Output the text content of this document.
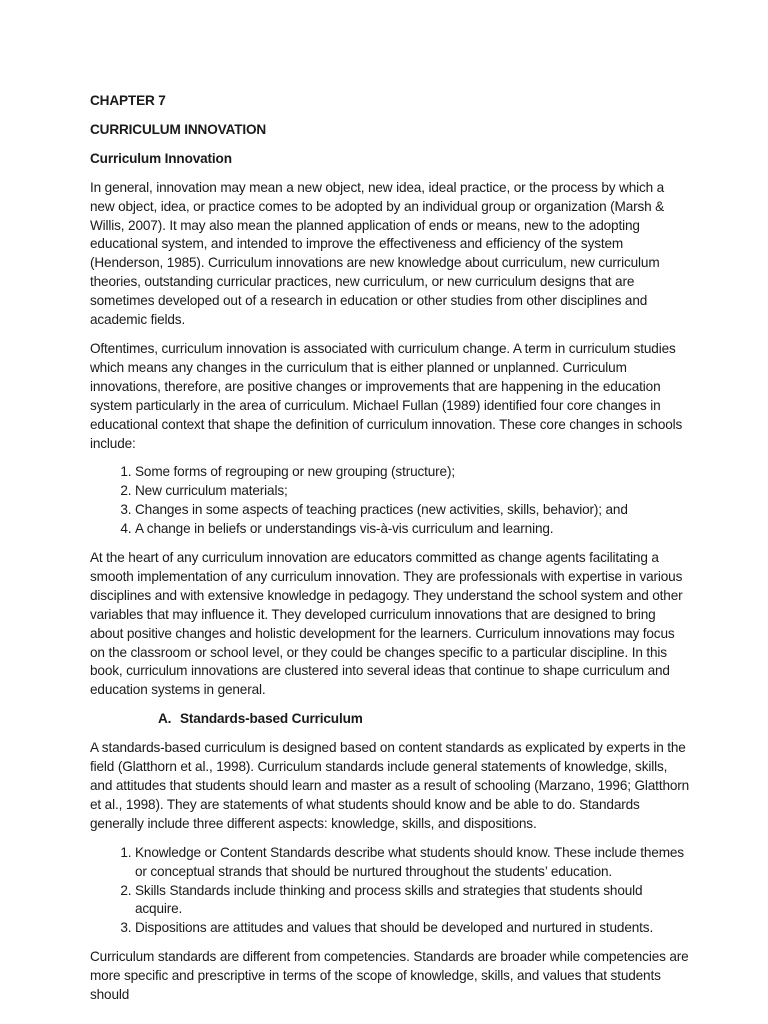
CHAPTER 7

CURRICULUM INNOVATION

Curriculum Innovation

In general, innovation may mean a new object, new idea, ideal practice, or the process by which a new object, idea, or practice comes to be adopted by an individual group or organization (Marsh & Willis, 2007). It may also mean the planned application of ends or means, new to the adopting educational system, and intended to improve the effectiveness and efficiency of the system (Henderson, 1985). Curriculum innovations are new knowledge about curriculum, new curriculum theories, outstanding curricular practices, new curriculum, or new curriculum designs that are sometimes developed out of a research in education or other studies from other disciplines and academic fields.

Oftentimes, curriculum innovation is associated with curriculum change. A term in curriculum studies which means any changes in the curriculum that is either planned or unplanned. Curriculum innovations, therefore, are positive changes or improvements that are happening in the education system particularly in the area of curriculum. Michael Fullan (1989) identified four core changes in educational context that shape the definition of curriculum innovation. These core changes in schools include:

1. Some forms of regrouping or new grouping (structure);
2. New curriculum materials;
3. Changes in some aspects of teaching practices (new activities, skills, behavior); and
4. A change in beliefs or understandings vis-à-vis curriculum and learning.

At the heart of any curriculum innovation are educators committed as change agents facilitating a smooth implementation of any curriculum innovation. They are professionals with expertise in various disciplines and with extensive knowledge in pedagogy. They understand the school system and other variables that may influence it. They developed curriculum innovations that are designed to bring about positive changes and holistic development for the learners. Curriculum innovations may focus on the classroom or school level, or they could be changes specific to a particular discipline. In this book, curriculum innovations are clustered into several ideas that continue to shape curriculum and education systems in general.

A. Standards-based Curriculum

A standards-based curriculum is designed based on content standards as explicated by experts in the field (Glatthorn et al., 1998). Curriculum standards include general statements of knowledge, skills, and attitudes that students should learn and master as a result of schooling (Marzano, 1996; Glatthorn et al., 1998). They are statements of what students should know and be able to do. Standards generally include three different aspects: knowledge, skills, and dispositions.

1. Knowledge or Content Standards describe what students should know. These include themes or conceptual strands that should be nurtured throughout the students’ education.
2. Skills Standards include thinking and process skills and strategies that students should acquire.
3. Dispositions are attitudes and values that should be developed and nurtured in students.

Curriculum standards are different from competencies. Standards are broader while competencies are more specific and prescriptive in terms of the scope of knowledge, skills, and values that students should
